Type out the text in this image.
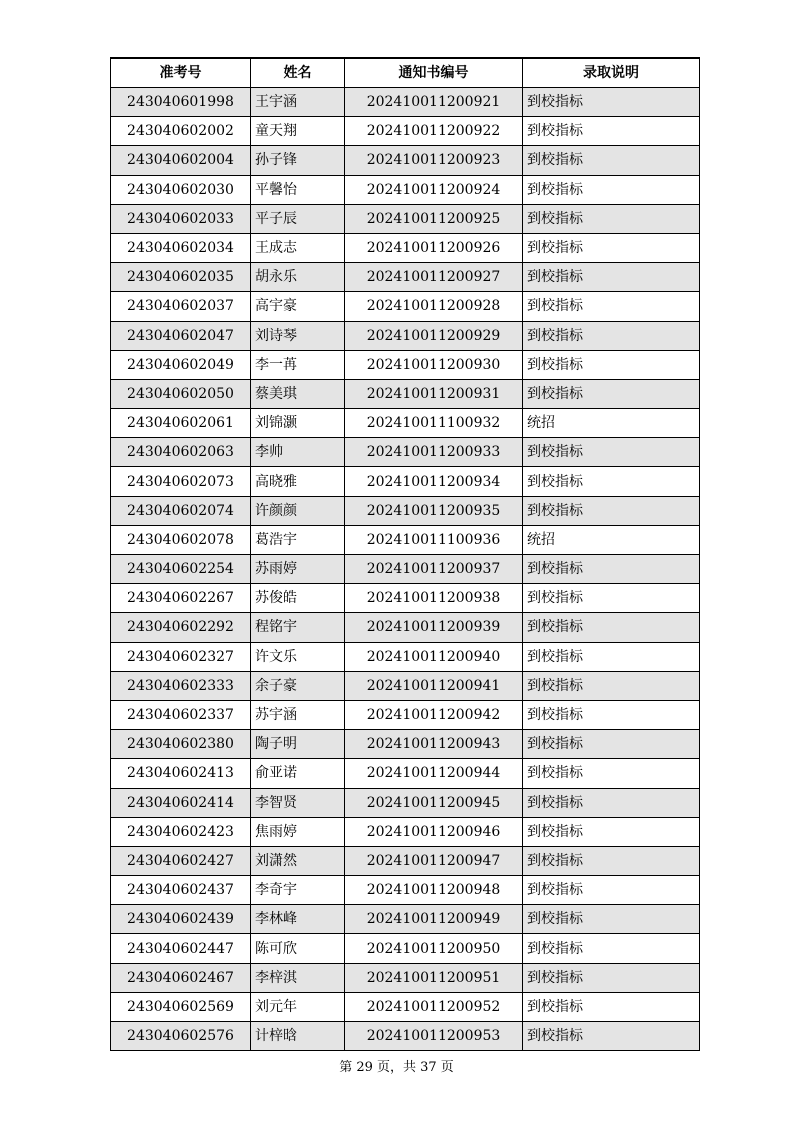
准考号	姓名	通知书编号	录取说明
243040601998	王宇涵	202410011200921	到校指标
243040602002	童天翔	202410011200922	到校指标
243040602004	孙子锋	202410011200923	到校指标
243040602030	平馨怡	202410011200924	到校指标
243040602033	平子辰	202410011200925	到校指标
243040602034	王成志	202410011200926	到校指标
243040602035	胡永乐	202410011200927	到校指标
243040602037	高宇豪	202410011200928	到校指标
243040602047	刘诗琴	202410011200929	到校指标
243040602049	李一苒	202410011200930	到校指标
243040602050	蔡美琪	202410011200931	到校指标
243040602061	刘锦灏	202410011100932	统招
243040602063	李帅	202410011200933	到校指标
243040602073	高晓雅	202410011200934	到校指标
243040602074	许颜颜	202410011200935	到校指标
243040602078	葛浩宇	202410011100936	统招
243040602254	苏雨婷	202410011200937	到校指标
243040602267	苏俊皓	202410011200938	到校指标
243040602292	程铭宇	202410011200939	到校指标
243040602327	许文乐	202410011200940	到校指标
243040602333	余子豪	202410011200941	到校指标
243040602337	苏宇涵	202410011200942	到校指标
243040602380	陶子明	202410011200943	到校指标
243040602413	俞亚诺	202410011200944	到校指标
243040602414	李智贤	202410011200945	到校指标
243040602423	焦雨婷	202410011200946	到校指标
243040602427	刘潇然	202410011200947	到校指标
243040602437	李奇宇	202410011200948	到校指标
243040602439	李林峰	202410011200949	到校指标
243040602447	陈可欣	202410011200950	到校指标
243040602467	李梓淇	202410011200951	到校指标
243040602569	刘元年	202410011200952	到校指标
243040602576	计梓晗	202410011200953	到校指标
第 29 页，共 37 页
